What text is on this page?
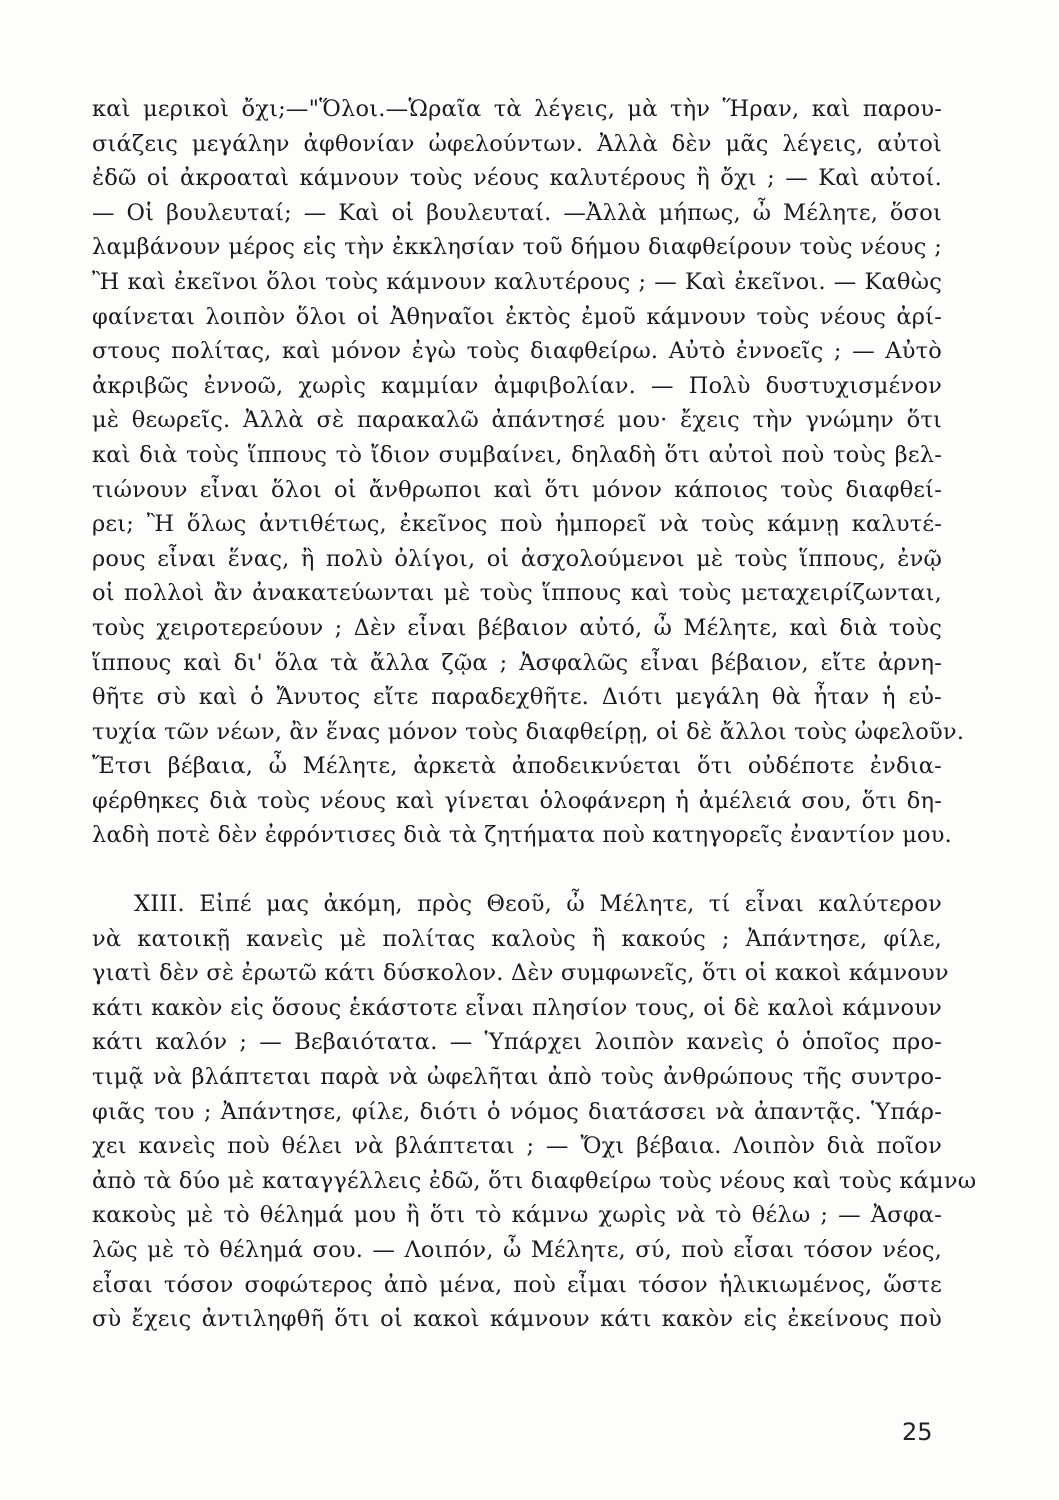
καὶ μερικοὶ ὄχι;—"Ὅλοι.—Ὡραῖα τὰ λέγεις, μὰ τὴν Ἥραν, καὶ παρου-
σιάζεις μεγάλην ἀφθονίαν ὠφελούντων. Ἀλλὰ δὲν μᾶς λέγεις, αὐτοὶ
ἐδῶ οἱ ἀκροαταὶ κάμνουν τοὺς νέους καλυτέρους ἢ ὄχι ; — Καὶ αὐτοί.
— Οἱ βουλευταί; — Καὶ οἱ βουλευταί. —Ἀλλὰ μήπως, ὦ Μέλητε, ὅσοι
λαμβάνουν μέρος εἰς τὴν ἐκκλησίαν τοῦ δήμου διαφθείρουν τοὺς νέους ;
Ἢ καὶ ἐκεῖνοι ὅλοι τοὺς κάμνουν καλυτέρους ; — Καὶ ἐκεῖνοι. — Καθὼς
φαίνεται λοιπὸν ὅλοι οἱ Ἀθηναῖοι ἐκτὸς ἐμοῦ κάμνουν τοὺς νέους ἀρί-
στους πολίτας, καὶ μόνον ἐγὼ τοὺς διαφθείρω. Αὐτὸ ἐννοεῖς ; — Αὐτὸ
ἀκριβῶς ἐννοῶ, χωρὶς καμμίαν ἀμφιβολίαν. — Πολὺ δυστυχισμένον
μὲ θεωρεῖς. Ἀλλὰ σὲ παρακαλῶ ἀπάντησέ μου· ἔχεις τὴν γνώμην ὅτι
καὶ διὰ τοὺς ἵππους τὸ ἴδιον συμβαίνει, δηλαδὴ ὅτι αὐτοὶ ποὺ τοὺς βελ-
τιώνουν εἶναι ὅλοι οἱ ἄνθρωποι καὶ ὅτι μόνον κάποιος τοὺς διαφθεί-
ρει; Ἢ ὅλως ἀντιθέτως, ἐκεῖνος ποὺ ἠμπορεῖ νὰ τοὺς κάμνῃ καλυτέ-
ρους εἶναι ἕνας, ἢ πολὺ ὀλίγοι, οἱ ἀσχολούμενοι μὲ τοὺς ἵππους, ἐνῷ
οἱ πολλοὶ ἂν ἀνακατεύωνται μὲ τοὺς ἵππους καὶ τοὺς μεταχειρίζωνται,
τοὺς χειροτερεύουν ; Δὲν εἶναι βέβαιον αὐτό, ὦ Μέλητε, καὶ διὰ τοὺς
ἵππους καὶ δι' ὅλα τὰ ἄλλα ζῷα ; Ἀσφαλῶς εἶναι βέβαιον, εἴτε ἀρνη-
θῆτε σὺ καὶ ὁ Ἄνυτος εἴτε παραδεχθῆτε. Διότι μεγάλη θὰ ἦταν ἡ εὐ-
τυχία τῶν νέων, ἂν ἕνας μόνον τοὺς διαφθείρῃ, οἱ δὲ ἄλλοι τοὺς ὠφελοῦν.
Ἔτσι βέβαια, ὦ Μέλητε, ἀρκετὰ ἀποδεικνύεται ὅτι οὐδέποτε ἐνδια-
φέρθηκες διὰ τοὺς νέους καὶ γίνεται ὁλοφάνερη ἡ ἀμέλειά σου, ὅτι δη-
λαδὴ ποτὲ δὲν ἐφρόντισες διὰ τὰ ζητήματα ποὺ κατηγορεῖς ἐναντίον μου.
XIII. Εἰπέ μας ἀκόμη, πρὸς Θεοῦ, ὦ Μέλητε, τί εἶναι καλύτερον
νὰ κατοικῇ κανεὶς μὲ πολίτας καλοὺς ἢ κακούς ; Ἀπάντησε, φίλε,
γιατὶ δὲν σὲ ἐρωτῶ κάτι δύσκολον. Δὲν συμφωνεῖς, ὅτι οἱ κακοὶ κάμνουν
κάτι κακὸν εἰς ὅσους ἑκάστοτε εἶναι πλησίον τους, οἱ δὲ καλοὶ κάμνουν
κάτι καλόν ; — Βεβαιότατα. — Ὑπάρχει λοιπὸν κανεὶς ὁ ὁποῖος προ-
τιμᾷ νὰ βλάπτεται παρὰ νὰ ὠφελῆται ἀπὸ τοὺς ἀνθρώπους τῆς συντρο-
φιᾶς του ; Ἀπάντησε, φίλε, διότι ὁ νόμος διατάσσει νὰ ἀπαντᾷς. Ὑπάρ-
χει κανεὶς ποὺ θέλει νὰ βλάπτεται ; — Ὄχι βέβαια. Λοιπὸν διὰ ποῖον
ἀπὸ τὰ δύο μὲ καταγγέλλεις ἐδῶ, ὅτι διαφθείρω τοὺς νέους καὶ τοὺς κάμνω
κακοὺς μὲ τὸ θέλημά μου ἢ ὅτι τὸ κάμνω χωρὶς νὰ τὸ θέλω ; — Ἀσφα-
λῶς μὲ τὸ θέλημά σου. — Λοιπόν, ὦ Μέλητε, σύ, ποὺ εἶσαι τόσον νέος,
εἶσαι τόσον σοφώτερος ἀπὸ μένα, ποὺ εἶμαι τόσον ἡλικιωμένος, ὥστε
σὺ ἔχεις ἀντιληφθῆ ὅτι οἱ κακοὶ κάμνουν κάτι κακὸν εἰς ἐκείνους ποὺ
25
